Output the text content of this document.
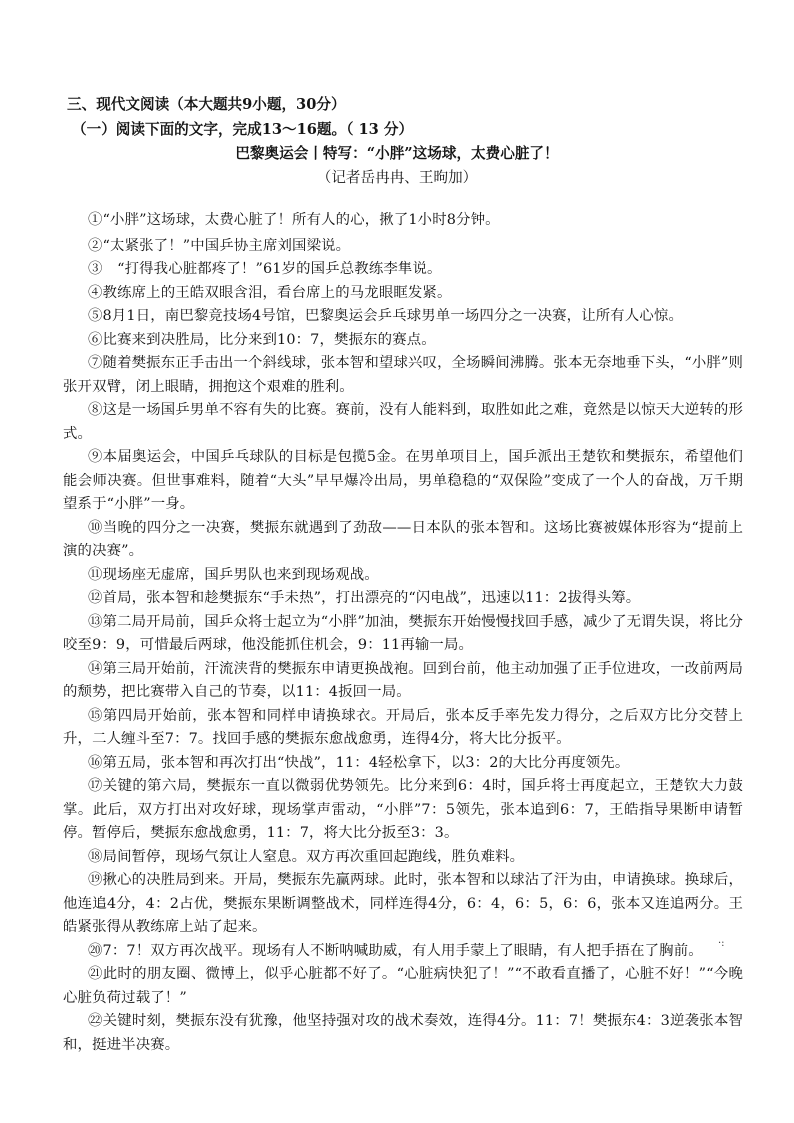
三、现代文阅读（本大题共9小题，30分）
（一）阅读下面的文字，完成13～16题。（ 13 分）
巴黎奥运会丨特写：“小胖”这场球，太费心脏了！
（记者岳冉冉、王昫加）

①“小胖”这场球，太费心脏了！所有人的心，揪了1小时8分钟。

②“太紧张了！”中国乒协主席刘国梁说。

③　“打得我心脏都疼了！”61岁的国乒总教练李隼说。

④教练席上的王皓双眼含泪，看台席上的马龙眼眶发紧。

⑤8月1日，南巴黎竞技场4号馆，巴黎奥运会乒乓球男单一场四分之一决赛，让所有人心惊。

⑥比赛来到决胜局，比分来到10：7，樊振东的赛点。

⑦随着樊振东正手击出一个斜线球，张本智和望球兴叹，全场瞬间沸腾。张本无奈地垂下头，“小胖”则张开双臂，闭上眼睛，拥抱这个艰难的胜利。

⑧这是一场国乒男单不容有失的比赛。赛前，没有人能料到，取胜如此之难，竟然是以惊天大逆转的形式。

⑨本届奥运会，中国乒乓球队的目标是包揽5金。在男单项目上，国乒派出王楚钦和樊振东，希望他们能会师决赛。但世事难料，随着“大头”早早爆冷出局，男单稳稳的“双保险”变成了一个人的奋战，万千期望系于“小胖”一身。

⑩当晚的四分之一决赛，樊振东就遇到了劲敌——日本队的张本智和。这场比赛被媒体形容为“提前上演的决赛”。

⑪现场座无虚席，国乒男队也来到现场观战。

⑫首局，张本智和趁樊振东“手未热”，打出漂亮的“闪电战”，迅速以11：2拔得头筹。

⑬第二局开局前，国乒众将士起立为“小胖”加油，樊振东开始慢慢找回手感，减少了无谓失误，将比分咬至9：9，可惜最后两球，他没能抓住机会，9：11再输一局。

⑭第三局开始前，汗流浃背的樊振东申请更换战袍。回到台前，他主动加强了正手位进攻，一改前两局的颓势，把比赛带入自己的节奏，以11：4扳回一局。

⑮第四局开始前，张本智和同样申请换球衣。开局后，张本反手率先发力得分，之后双方比分交替上升，二人缠斗至7：7。找回手感的樊振东愈战愈勇，连得4分，将大比分扳平。

⑯第五局，张本智和再次打出“快战”，11：4轻松拿下，以3：2的大比分再度领先。

⑰关键的第六局，樊振东一直以微弱优势领先。比分来到6：4时，国乒将士再度起立，王楚钦大力鼓掌。此后，双方打出对攻好球，现场掌声雷动，“小胖”7：5领先，张本追到6：7，王皓指导果断申请暂停。暂停后，樊振东愈战愈勇，11：7，将大比分扳至3：3。

⑱局间暂停，现场气氛让人窒息。双方再次重回起跑线，胜负难料。

⑲揪心的决胜局到来。开局，樊振东先赢两球。此时，张本智和以球沾了汗为由，申请换球。换球后，他连追4分，4：2占优，樊振东果断调整战术，同样连得4分，6：4，6：5，6：6，张本又连追两分。王皓紧张得从教练席上站了起来。

⑳7：7！双方再次战平。现场有人不断呐喊助威，有人用手蒙上了眼睛，有人把手捂在了胸前。

㉑此时的朋友圈、微博上，似乎心脏都不好了。“心脏病快犯了！”“不敢看直播了，心脏不好！”“今晚心脏负荷过载了！”

㉒关键时刻，樊振东没有犹豫，他坚持强对攻的战术奏效，连得4分。11：7！樊振东4：3逆袭张本智和，挺进半决赛。

·:
